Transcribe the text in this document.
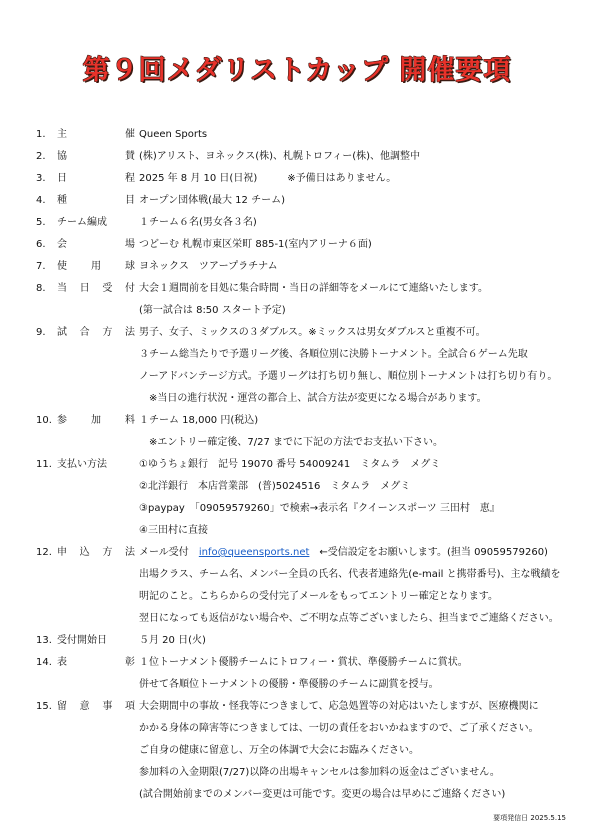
第９回メダリストカップ 開催要項
1. 主	催 Queen Sports
2. 協	賛 (株)アリスト、ヨネックス(株)、札幌トロフィー(株)、他調整中
3. 日	程 2025 年 8 月 10 日(日祝)　　　※予備日はありません。
4. 種	目 オープン団体戦(最大 12 チーム)
5. チーム編成	１チーム６名(男女各３名)
6. 会	場 つどーむ 札幌市東区栄町 885-1(室内アリーナ６面)
7. 使 用 球 ヨネックス　ツアープラチナム
8. 当 日 受 付 大会１週間前を目処に集合時間・当日の詳細等をメールにて連絡いたします。
(第一試合は 8:50 スタート予定)
9. 試 合 方 法 男子、女子、ミックスの３ダブルス。※ミックスは男女ダブルスと重複不可。
３チーム総当たりで予選リーグ後、各順位別に決勝トーナメント。全試合６ゲーム先取
ノーアドバンテージ方式。予選リーグは打ち切り無し、順位別トーナメントは打ち切り有り。
　※当日の進行状況・運営の都合上、試合方法が変更になる場合があります。
10. 参 加 料 １チーム 18,000 円(税込)
　※エントリー確定後、7/27 までに下記の方法でお支払い下さい。
11. 支払い方法	①ゆうちょ銀行　記号 19070 番号 54009241　ミタムラ　メグミ
②北洋銀行　本店営業部　(普)5024516　ミタムラ　メグミ
③paypay　「09059579260」で検索→表示名『クイーンスポーツ 三田村　恵』
④三田村に直接
12. 申 込 方 法 メール受付　info@queensports.net　←受信設定をお願いします。(担当 09059579260)
出場クラス、チーム名、メンバー全員の氏名、代表者連絡先(e-mail と携帯番号)、主な戦績を
明記のこと。こちらからの受付完了メールをもってエントリー確定となります。
翌日になっても返信がない場合や、ご不明な点等ございましたら、担当までご連絡ください。
13. 受付開始日	５月 20 日(火)
14. 表	彰 １位トーナメント優勝チームにトロフィー・賞状、準優勝チームに賞状。
併せて各順位トーナメントの優勝・準優勝のチームに副賞を授与。
15. 留 意 事 項 大会期間中の事故・怪我等につきまして、応急処置等の対応はいたしますが、医療機関に
かかる身体の障害等につきましては、一切の責任をおいかねますので、ご了承ください。
ご自身の健康に留意し、万全の体調で大会にお臨みください。
参加料の入金期限(7/27)以降の出場キャンセルは参加料の返金はございません。
(試合開始前までのメンバー変更は可能です。変更の場合は早めにご連絡ください)
要項発信日 2025.5.15
